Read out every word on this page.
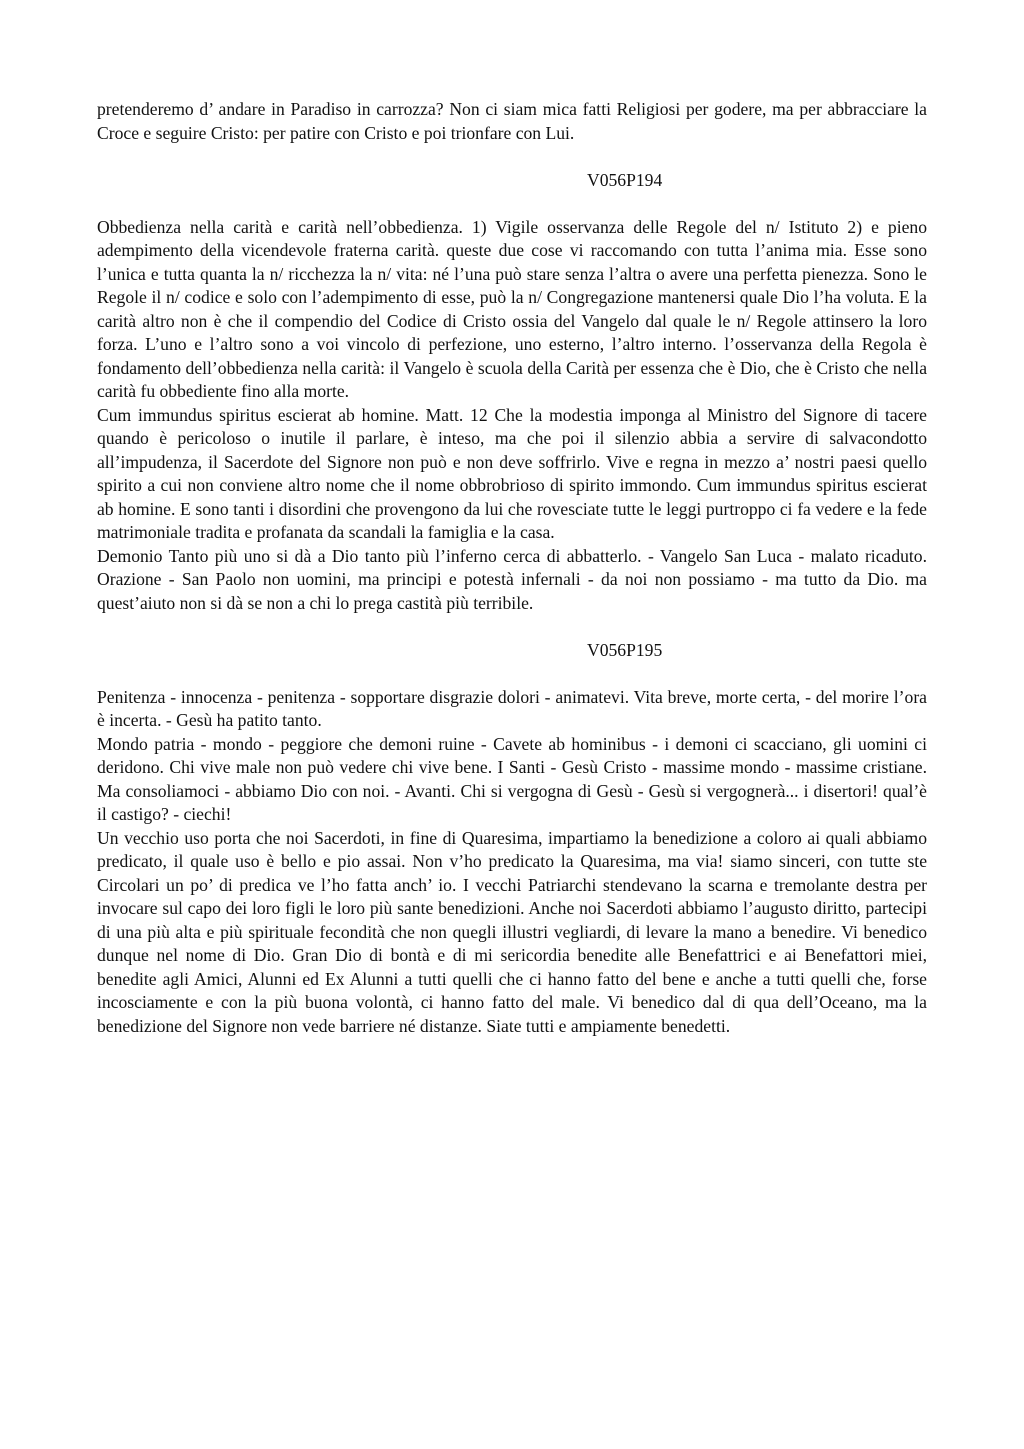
pretenderemo d’ andare in Paradiso in carrozza? Non ci siam mica fatti Religiosi per godere, ma per abbracciare la Croce e seguire Cristo: per patire con Cristo e poi trionfare con Lui.

V056P194

Obbedienza nella carità e carità nell’obbedienza. 1) Vigile osservanza delle Regole del n/ Istituto 2) e pieno adempimento della vicendevole fraterna carità. queste due cose vi raccomando con tutta l’anima mia. Esse sono l’unica e tutta quanta la n/ ricchezza la n/ vita: né l’una può stare senza l’altra o avere una perfetta pienezza. Sono le Regole il n/ codice e solo con l’adempimento di esse, può la n/ Congregazione mantenersi quale Dio l’ha voluta. E la carità altro non è che il compendio del Codice di Cristo ossia del Vangelo dal quale le n/ Regole attinsero la loro forza. L’uno e l’altro sono a voi vincolo di perfezione, uno esterno, l’altro interno. l’osservanza della Regola è fondamento dell’obbedienza nella carità: il Vangelo è scuola della Carità per essenza che è Dio, che è Cristo che nella carità fu obbediente fino alla morte.

Cum immundus spiritus escierat ab homine. Matt. 12 Che la modestia imponga al Ministro del Signore di tacere quando è pericoloso o inutile il parlare, è inteso, ma che poi il silenzio abbia a servire di salvacondotto all’impudenza, il Sacerdote del Signore non può e non deve soffrirlo. Vive e regna in mezzo a’ nostri paesi quello spirito a cui non conviene altro nome che il nome obbrobrioso di spirito immondo. Cum immundus spiritus escierat ab homine. E sono tanti i disordini che provengono da lui che rovesciate tutte le leggi purtroppo ci fa vedere e la fede matrimoniale tradita e profanata da scandali la famiglia e la casa.

Demonio Tanto più uno si dà a Dio tanto più l’inferno cerca di abbatterlo. - Vangelo San Luca - malato ricaduto. Orazione - San Paolo non uomini, ma principi e potestà infernali - da noi non possiamo - ma tutto da Dio. ma quest’aiuto non si dà se non a chi lo prega castità più terribile.

V056P195

Penitenza - innocenza - penitenza - sopportare disgrazie dolori - animatevi. Vita breve, morte certa, - del morire l’ora è incerta. - Gesù ha patito tanto.

Mondo patria - mondo - peggiore che demoni ruine - Cavete ab hominibus - i demoni ci scacciano, gli uomini ci deridono. Chi vive male non può vedere chi vive bene. I Santi - Gesù Cristo - massime mondo - massime cristiane. Ma consoliamoci - abbiamo Dio con noi. - Avanti. Chi si vergogna di Gesù - Gesù si vergognerà... i disertori! qual’è il castigo? - ciechi!

Un vecchio uso porta che noi Sacerdoti, in fine di Quaresima, impartiamo la benedizione a coloro ai quali abbiamo predicato, il quale uso è bello e pio assai. Non v’ho predicato la Quaresima, ma via! siamo sinceri, con tutte ste Circolari un po’ di predica ve l’ho fatta anch’ io. I vecchi Patriarchi stendevano la scarna e tremolante destra per invocare sul capo dei loro figli le loro più sante benedizioni. Anche noi Sacerdoti abbiamo l’augusto diritto, partecipi di una più alta e più spirituale fecondità che non quegli illustri vegliardi, di levare la mano a benedire. Vi benedico dunque nel nome di Dio. Gran Dio di bontà e di mi sericordia benedite alle Benefattrici e ai Benefattori miei, benedite agli Amici, Alunni ed Ex Alunni a tutti quelli che ci hanno fatto del bene e anche a tutti quelli che, forse incosciamente e con la più buona volontà, ci hanno fatto del male. Vi benedico dal di qua dell’Oceano, ma la benedizione del Signore non vede barriere né distanze. Siate tutti e ampiamente benedetti.
